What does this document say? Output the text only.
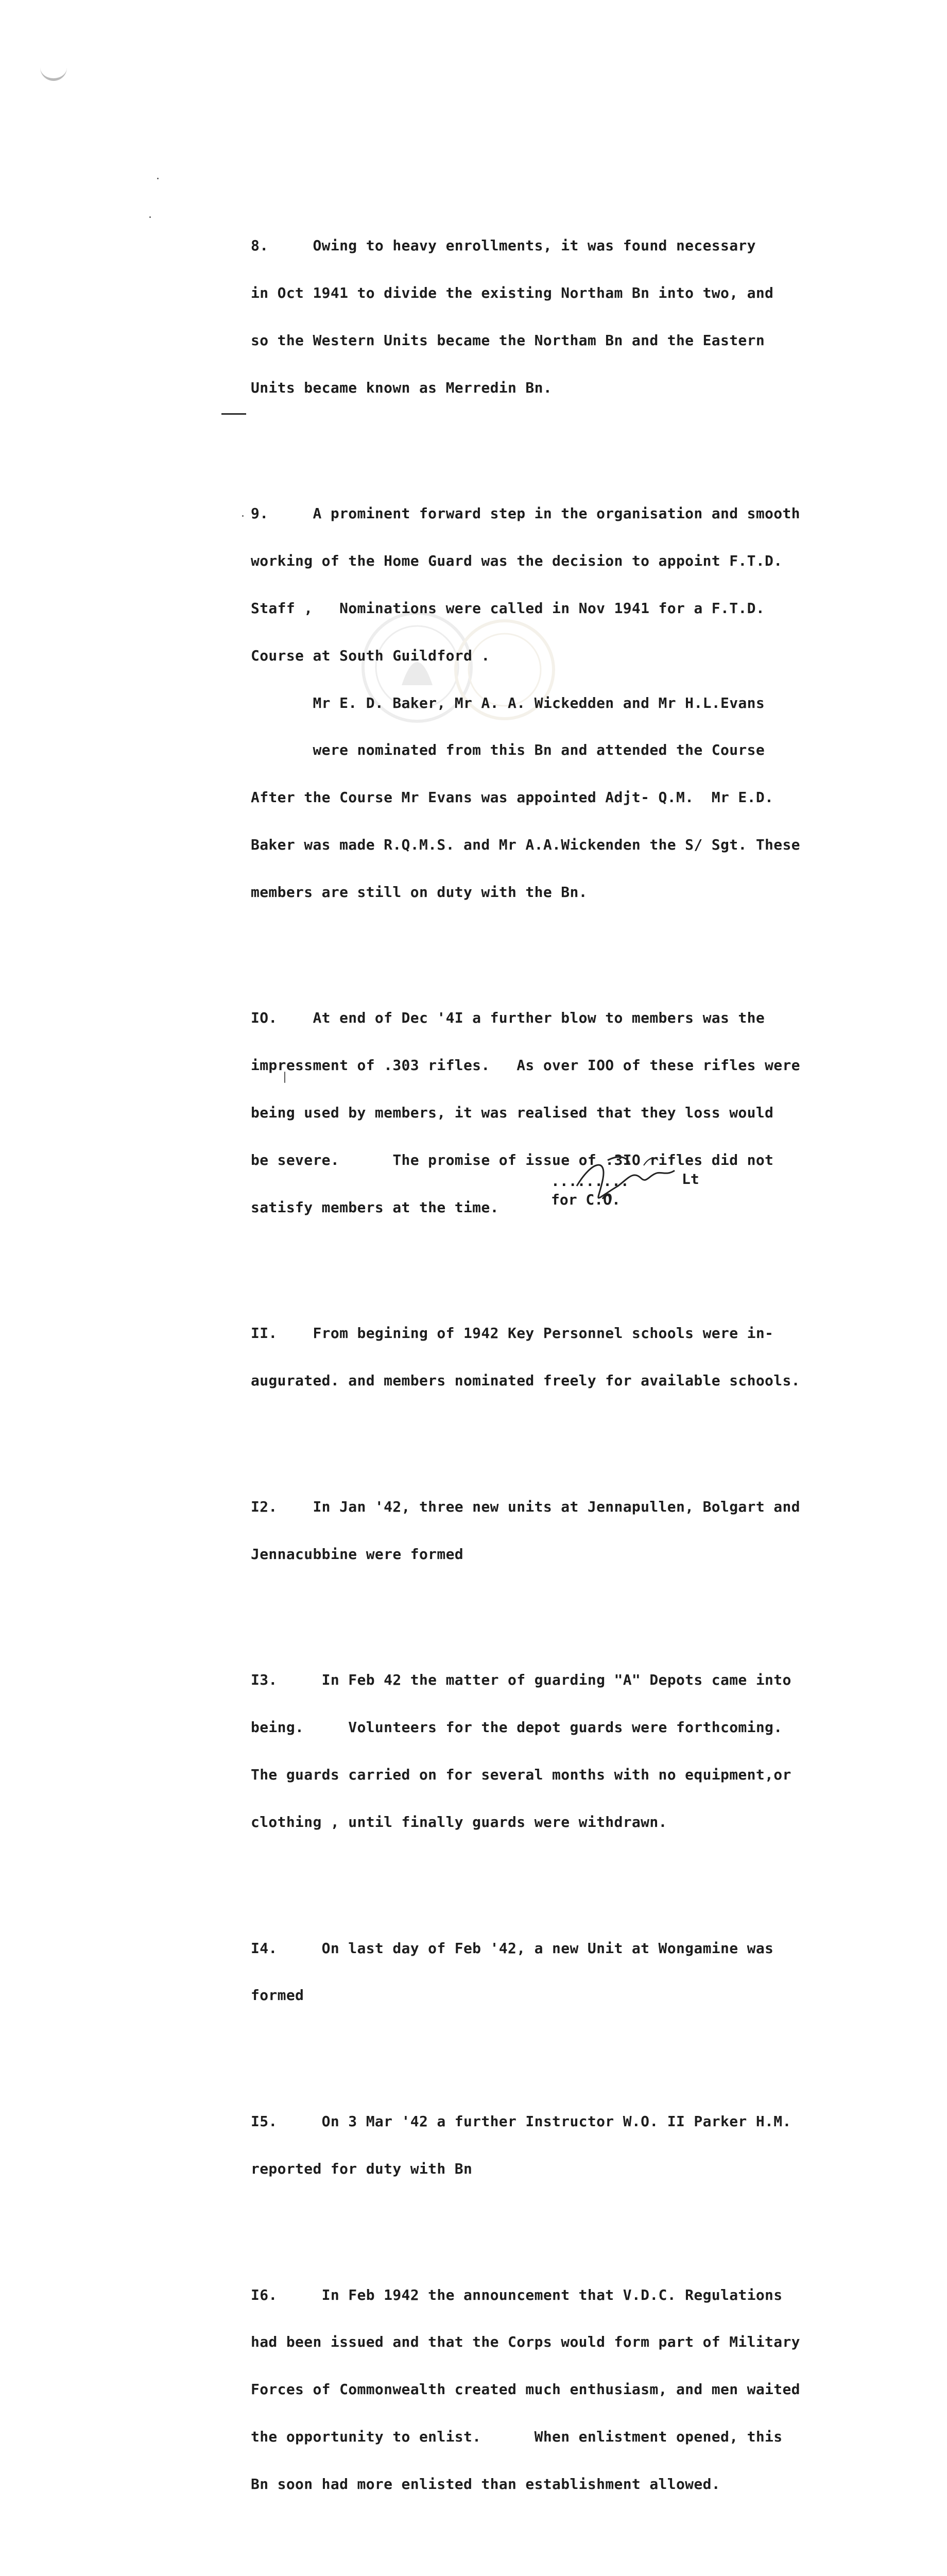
8.     Owing to heavy enrollments, it was found necessary

in Oct 1941 to divide the existing Northam Bn into two, and

so the Western Units became the Northam Bn and the Eastern

Units became known as Merredin Bn.

9.     A prominent forward step in the organisation and smooth

working of the Home Guard was the decision to appoint F.T.D.

Staff ,   Nominations were called in Nov 1941 for a F.T.D.

Course at South Guildford .

Mr E. D. Baker, Mr A. A. Wickedden and Mr H.L.Evans

were nominated from this Bn and attended the Course

After the Course Mr Evans was appointed Adjt- Q.M.  Mr E.D.

Baker was made R.Q.M.S. and Mr A.A.Wickenden the S/ Sgt. These

members are still on duty with the Bn.

IO.    At end of Dec '4I a further blow to members was the

impressment of .303 rifles.   As over IOO of these rifles were

being used by members, it was realised that they loss would

be severe.      The promise of issue of .3IO rifles did not

satisfy members at the time.

II.    From begining of 1942 Key Personnel schools were in-

augurated. and members nominated freely for available schools.

I2.    In Jan '42, three new units at Jennapullen, Bolgart and

Jennacubbine were formed

I3.     In Feb 42 the matter of guarding "A" Depots came into

being.     Volunteers for the depot guards were forthcoming.

The guards carried on for several months with no equipment,or

clothing , until finally guards were withdrawn.

I4.     On last day of Feb '42, a new Unit at Wongamine was

formed

I5.     On 3 Mar '42 a further Instructor W.O. II Parker H.M.

reported for duty with Bn

I6.     In Feb 1942 the announcement that V.D.C. Regulations

had been issued and that the Corps would form part of Military

Forces of Commonwealth created much enthusiasm, and men waited

the opportunity to enlist.      When enlistment opened, this

Bn soon had more enlisted than establishment allowed.

.........	Lt
for C.O.
